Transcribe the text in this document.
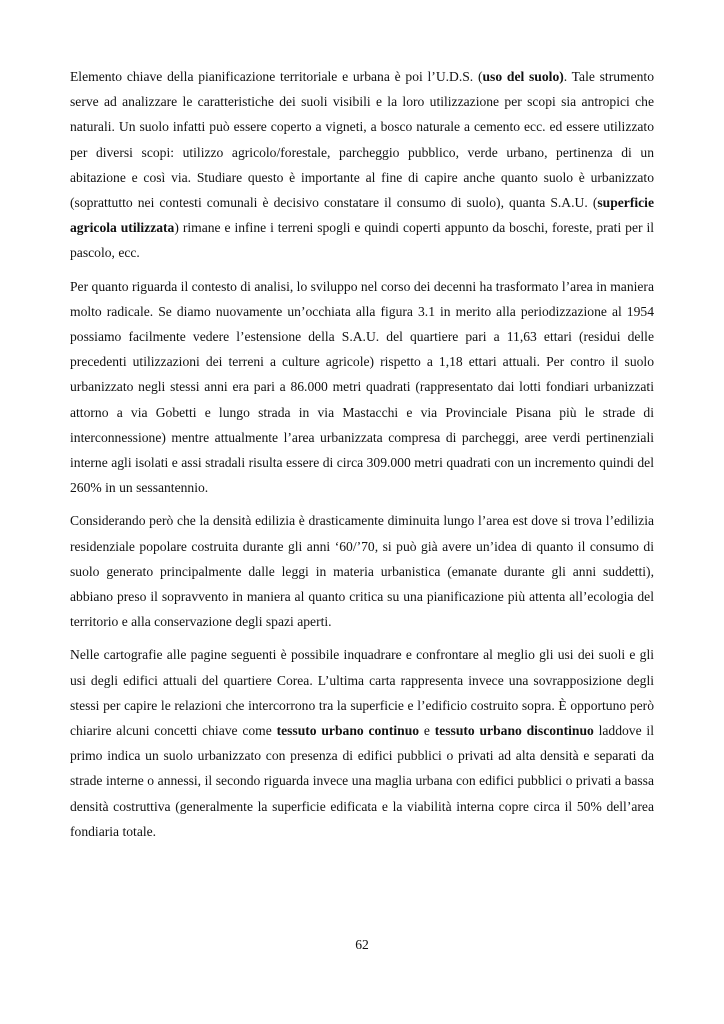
Elemento chiave della pianificazione territoriale e urbana è poi l’U.D.S. (uso del suolo). Tale strumento serve ad analizzare le caratteristiche dei suoli visibili e la loro utilizzazione per scopi sia antropici che naturali. Un suolo infatti può essere coperto a vigneti, a bosco naturale a cemento ecc. ed essere utilizzato per diversi scopi: utilizzo agricolo/forestale, parcheggio pubblico, verde urbano, pertinenza di un abitazione e così via. Studiare questo è importante al fine di capire anche quanto suolo è urbanizzato (soprattutto nei contesti comunali è decisivo constatare il consumo di suolo), quanta S.A.U. (superficie agricola utilizzata) rimane e infine i terreni spogli e quindi coperti appunto da boschi, foreste, prati per il pascolo, ecc.

Per quanto riguarda il contesto di analisi, lo sviluppo nel corso dei decenni ha trasformato l’area in maniera molto radicale. Se diamo nuovamente un’occhiata alla figura 3.1 in merito alla periodizzazione al 1954 possiamo facilmente vedere l’estensione della S.A.U. del quartiere pari a 11,63 ettari (residui delle precedenti utilizzazioni dei terreni a culture agricole) rispetto a 1,18 ettari attuali. Per contro il suolo urbanizzato negli stessi anni era pari a 86.000 metri quadrati (rappresentato dai lotti fondiari urbanizzati attorno a via Gobetti e lungo strada in via Mastacchi e via Provinciale Pisana più le strade di interconnessione) mentre attualmente l’area urbanizzata compresa di parcheggi, aree verdi pertinenziali interne agli isolati e assi stradali risulta essere di circa 309.000 metri quadrati con un incremento quindi del 260% in un sessantennio.

Considerando però che la densità edilizia è drasticamente diminuita lungo l’area est dove si trova l’edilizia residenziale popolare costruita durante gli anni ‘60/’70, si può già avere un’idea di quanto il consumo di suolo generato principalmente dalle leggi in materia urbanistica (emanate durante gli anni suddetti), abbiano preso il sopravvento in maniera al quanto critica su una pianificazione più attenta all’ecologia del territorio e alla conservazione degli spazi aperti.

Nelle cartografie alle pagine seguenti è possibile inquadrare e confrontare al meglio gli usi dei suoli e gli usi degli edifici attuali del quartiere Corea. L’ultima carta rappresenta invece una sovrapposizione degli stessi per capire le relazioni che intercorrono tra la superficie e l’edificio costruito sopra. È opportuno però chiarire alcuni concetti chiave come tessuto urbano continuo e tessuto urbano discontinuo laddove il primo indica un suolo urbanizzato con presenza di edifici pubblici o privati ad alta densità e separati da strade interne o annessi, il secondo riguarda invece una maglia urbana con edifici pubblici o privati a bassa densità costruttiva (generalmente la superficie edificata e la viabilità interna copre circa il 50% dell’area fondiaria totale.

62
